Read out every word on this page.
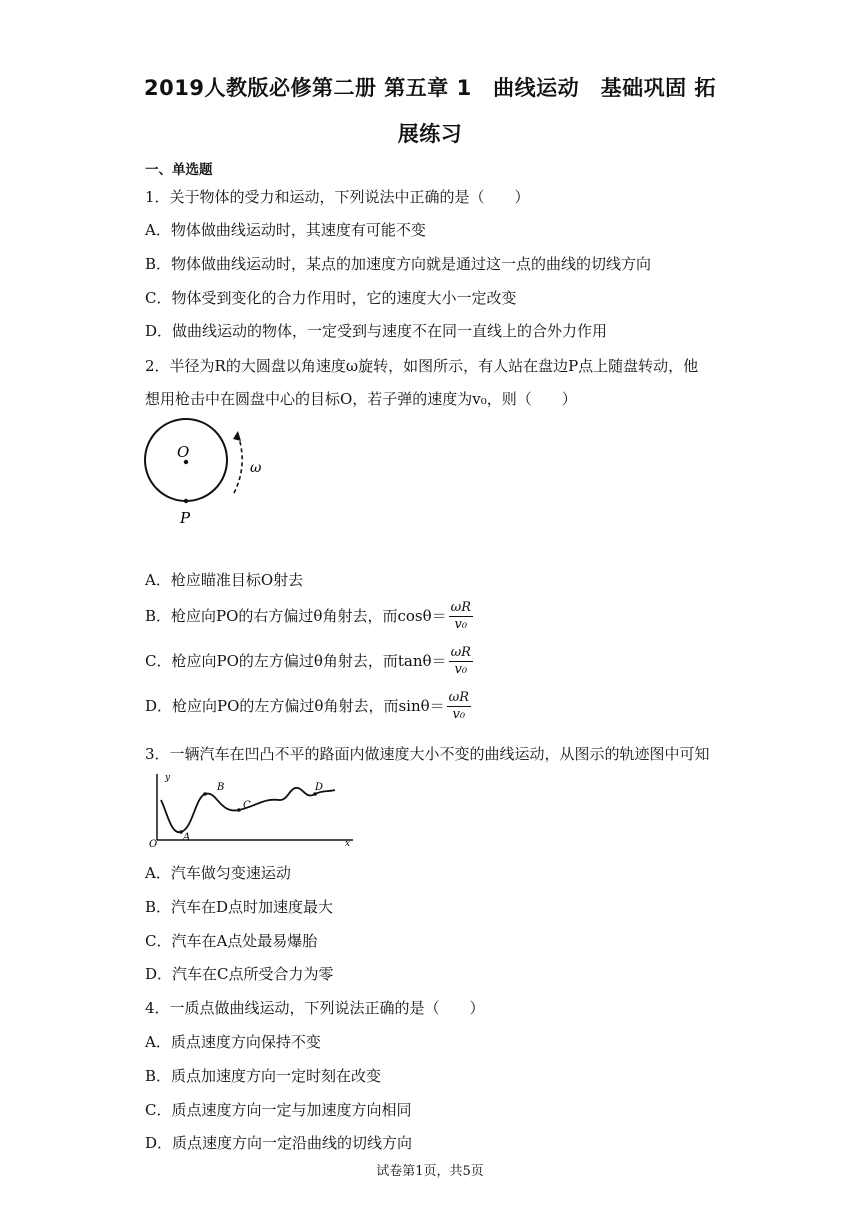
2019人教版必修第二册 第五章 1　曲线运动　基础巩固 拓
展练习
一、单选题
1．关于物体的受力和运动，下列说法中正确的是（　　）
A．物体做曲线运动时，其速度有可能不变
B．物体做曲线运动时，某点的加速度方向就是通过这一点的曲线的切线方向
C．物体受到变化的合力作用时，它的速度大小一定改变
D．做曲线运动的物体，一定受到与速度不在同一直线上的合外力作用
2．半径为R的大圆盘以角速度ω旋转，如图所示，有人站在盘边P点上随盘转动，他
想用枪击中在圆盘中心的目标O，若子弹的速度为v₀，则（　　）
O
P
ω
A．枪应瞄准目标O射去
B．枪应向PO的右方偏过θ角射去，而$\cos\theta= \frac{\omega R}{\text{v₀}}$
C．枪应向PO的左方偏过θ角射去，而$\tan\theta= \frac{\omega R}{\text{v₀}}$
D．枪应向PO的左方偏过θ角射去，而$\sin\theta= \frac{\omega R}{\text{v₀}}$
3．一辆汽车在凹凸不平的路面内做速度大小不变的曲线运动，从图示的轨迹图中可知
y
x
O
A
B
C
D
A．汽车做匀变速运动
B．汽车在D点时加速度最大
C．汽车在A点处最易爆胎
D．汽车在C点所受合力为零
4．一质点做曲线运动，下列说法正确的是（　　）
A．质点速度方向保持不变
B．质点加速度方向一定时刻在改变
C．质点速度方向一定与加速度方向相同
D．质点速度方向一定沿曲线的切线方向
试卷第1页，共5页
